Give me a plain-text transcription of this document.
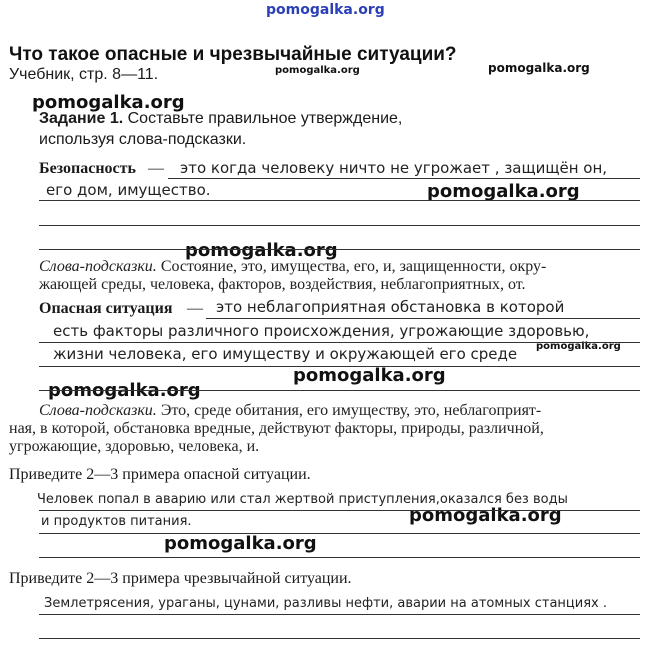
pomogalka.org
pomogalka.org	pomogalka.org
pomogalka.org
pomogalka.org
pomogalka.org
pomogalka.org
pomogalka.org
pomogalka.org
pomogalka.org
pomogalka.org
Что такое опасные и чрезвычайные ситуации?
Учебник, стр. 8—11.
Задание 1. Составьте правильное утверждение,
используя слова-подсказки.
Безопасность — это когда человеку ничто не угрожает , защищён он,
его дом, имущество.
Слова-подсказки. Состояние, это, имущества, его, и, защищенности, окру-
жающей среды, человека, факторов, воздействия, неблагоприятных, от.
Опасная ситуация — это неблагоприятная обстановка в которой
есть факторы различного происхождения, угрожающие здоровью,
жизни человека, его имуществу и окружающей его среде
Слова-подсказки. Это, среде обитания, его имуществу, это, неблагоприят-
ная, в которой, обстановка вредные, действуют факторы, природы, различной,
угрожающие, здоровью, человека, и.
Приведите 2—3 примера опасной ситуации.
Человек попал в аварию или стал жертвой приступления,оказался без воды
и продуктов питания.
Приведите 2—3 примера чрезвычайной ситуации.
Землетрясения, ураганы, цунами, разливы нефти, аварии на атомных станциях .
